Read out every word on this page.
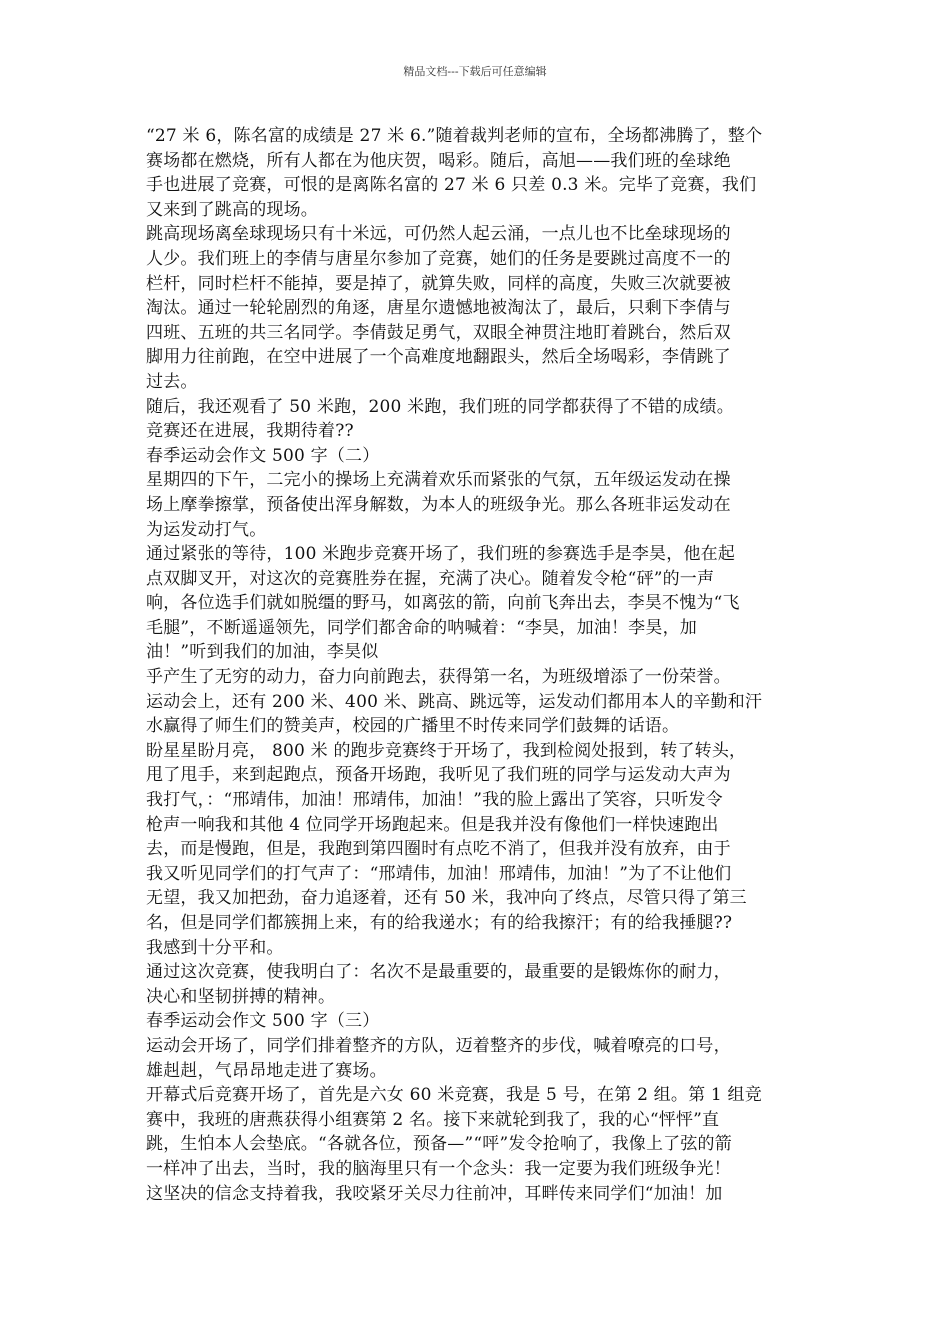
精品文档---下载后可任意编辑
“27 米 6，陈名富的成绩是 27 米 6.”随着裁判老师的宣布，全场都沸腾了，整个
赛场都在燃烧，所有人都在为他庆贺，喝彩。随后，高旭——我们班的垒球绝
手也进展了竞赛，可恨的是离陈名富的 27 米 6 只差 0.3 米。完毕了竞赛，我们
又来到了跳高的现场。
跳高现场离垒球现场只有十米远，可仍然人起云涌，一点儿也不比垒球现场的
人少。我们班上的李倩与唐星尔参加了竞赛，她们的任务是要跳过高度不一的
栏杆，同时栏杆不能掉，要是掉了，就算失败，同样的高度，失败三次就要被
淘汰。通过一轮轮剧烈的角逐，唐星尔遗憾地被淘汰了，最后，只剩下李倩与
四班、五班的共三名同学。李倩鼓足勇气，双眼全神贯注地盯着跳台，然后双
脚用力往前跑，在空中进展了一个高难度地翻跟头，然后全场喝彩，李倩跳了
过去。
随后，我还观看了 50 米跑，200 米跑，我们班的同学都获得了不错的成绩。
竞赛还在进展，我期待着??
春季运动会作文 500 字（二）
星期四的下午，二完小的操场上充满着欢乐而紧张的气氛，五年级运发动在操
场上摩拳擦掌，预备使出浑身解数，为本人的班级争光。那么各班非运发动在
为运发动打气。
通过紧张的等待，100 米跑步竞赛开场了，我们班的参赛选手是李昊，他在起
点双脚叉开，对这次的竞赛胜券在握，充满了决心。随着发令枪“砰”的一声
响，各位选手们就如脱缰的野马，如离弦的箭，向前飞奔出去，李昊不愧为“飞
毛腿”，不断遥遥领先，同学们都舍命的呐喊着：“李昊，加油！李昊，加
油！”听到我们的加油，李昊似
乎产生了无穷的动力，奋力向前跑去，获得第一名，为班级增添了一份荣誉。
运动会上，还有 200 米、400 米、跳高、跳远等，运发动们都用本人的辛勤和汗
水赢得了师生们的赞美声，校园的广播里不时传来同学们鼓舞的话语。
盼星星盼月亮， 800 米 的跑步竞赛终于开场了，我到检阅处报到，转了转头，
甩了甩手，来到起跑点，预备开场跑，我听见了我们班的同学与运发动大声为
我打气，：“邢靖伟，加油！邢靖伟，加油！”我的脸上露出了笑容，只听发令
枪声一响我和其他 4 位同学开场跑起来。但是我并没有像他们一样快速跑出
去，而是慢跑，但是，我跑到第四圈时有点吃不消了，但我并没有放弃，由于
我又听见同学们的打气声了：“邢靖伟，加油！邢靖伟，加油！”为了不让他们
无望，我又加把劲，奋力追逐着，还有 50 米，我冲向了终点，尽管只得了第三
名，但是同学们都簇拥上来，有的给我递水；有的给我擦汗；有的给我捶腿??
我感到十分平和。
通过这次竞赛，使我明白了：名次不是最重要的，最重要的是锻炼你的耐力，
决心和坚韧拼搏的精神。
春季运动会作文 500 字（三）
运动会开场了，同学们排着整齐的方队，迈着整齐的步伐，喊着嘹亮的口号，
雄赳赳，气昂昂地走进了赛场。
开幕式后竞赛开场了，首先是六女 60 米竞赛，我是 5 号，在第 2 组。第 1 组竞
赛中，我班的唐燕获得小组赛第 2 名。接下来就轮到我了，我的心“怦怦”直
跳，生怕本人会垫底。“各就各位，预备—”“呯”发令抢响了，我像上了弦的箭
一样冲了出去，当时，我的脑海里只有一个念头：我一定要为我们班级争光！
这坚决的信念支持着我，我咬紧牙关尽力往前冲，耳畔传来同学们“加油！加
